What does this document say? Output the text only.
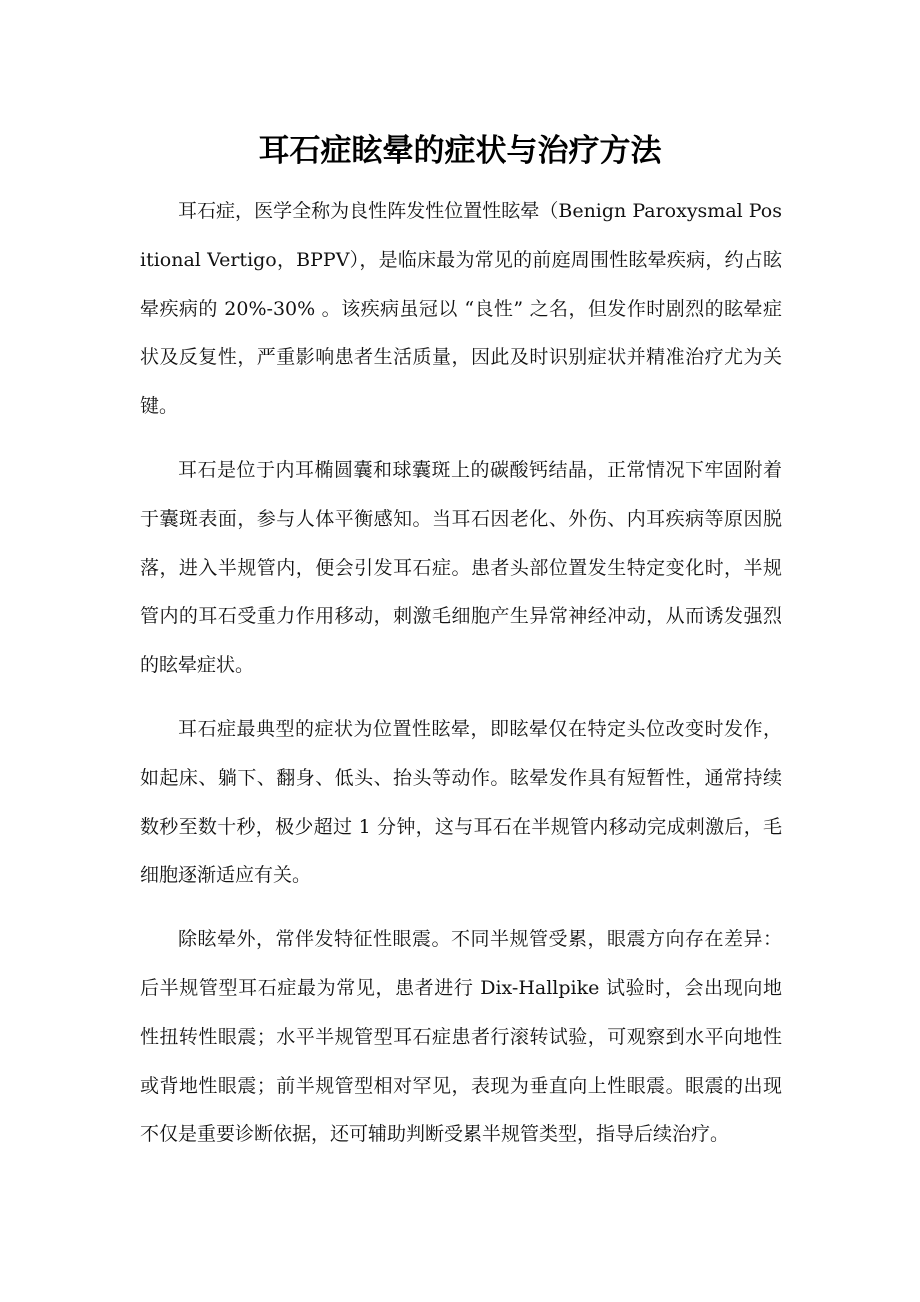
耳石症眩晕的症状与治疗方法

耳石症，医学全称为良性阵发性位置性眩晕（Benign Paroxysmal Positional Vertigo，BPPV），是临床最为常见的前庭周围性眩晕疾病，约占眩晕疾病的 20%-30% 。该疾病虽冠以 “良性” 之名，但发作时剧烈的眩晕症状及反复性，严重影响患者生活质量，因此及时识别症状并精准治疗尤为关键。

耳石是位于内耳椭圆囊和球囊斑上的碳酸钙结晶，正常情况下牢固附着于囊斑表面，参与人体平衡感知。当耳石因老化、外伤、内耳疾病等原因脱落，进入半规管内，便会引发耳石症。患者头部位置发生特定变化时，半规管内的耳石受重力作用移动，刺激毛细胞产生异常神经冲动，从而诱发强烈的眩晕症状。

耳石症最典型的症状为位置性眩晕，即眩晕仅在特定头位改变时发作，如起床、躺下、翻身、低头、抬头等动作。眩晕发作具有短暂性，通常持续数秒至数十秒，极少超过 1 分钟，这与耳石在半规管内移动完成刺激后，毛细胞逐渐适应有关。

除眩晕外，常伴发特征性眼震。不同半规管受累，眼震方向存在差异：后半规管型耳石症最为常见，患者进行 Dix-Hallpike 试验时，会出现向地性扭转性眼震；水平半规管型耳石症患者行滚转试验，可观察到水平向地性或背地性眼震；前半规管型相对罕见，表现为垂直向上性眼震。眼震的出现不仅是重要诊断依据，还可辅助判断受累半规管类型，指导后续治疗。
